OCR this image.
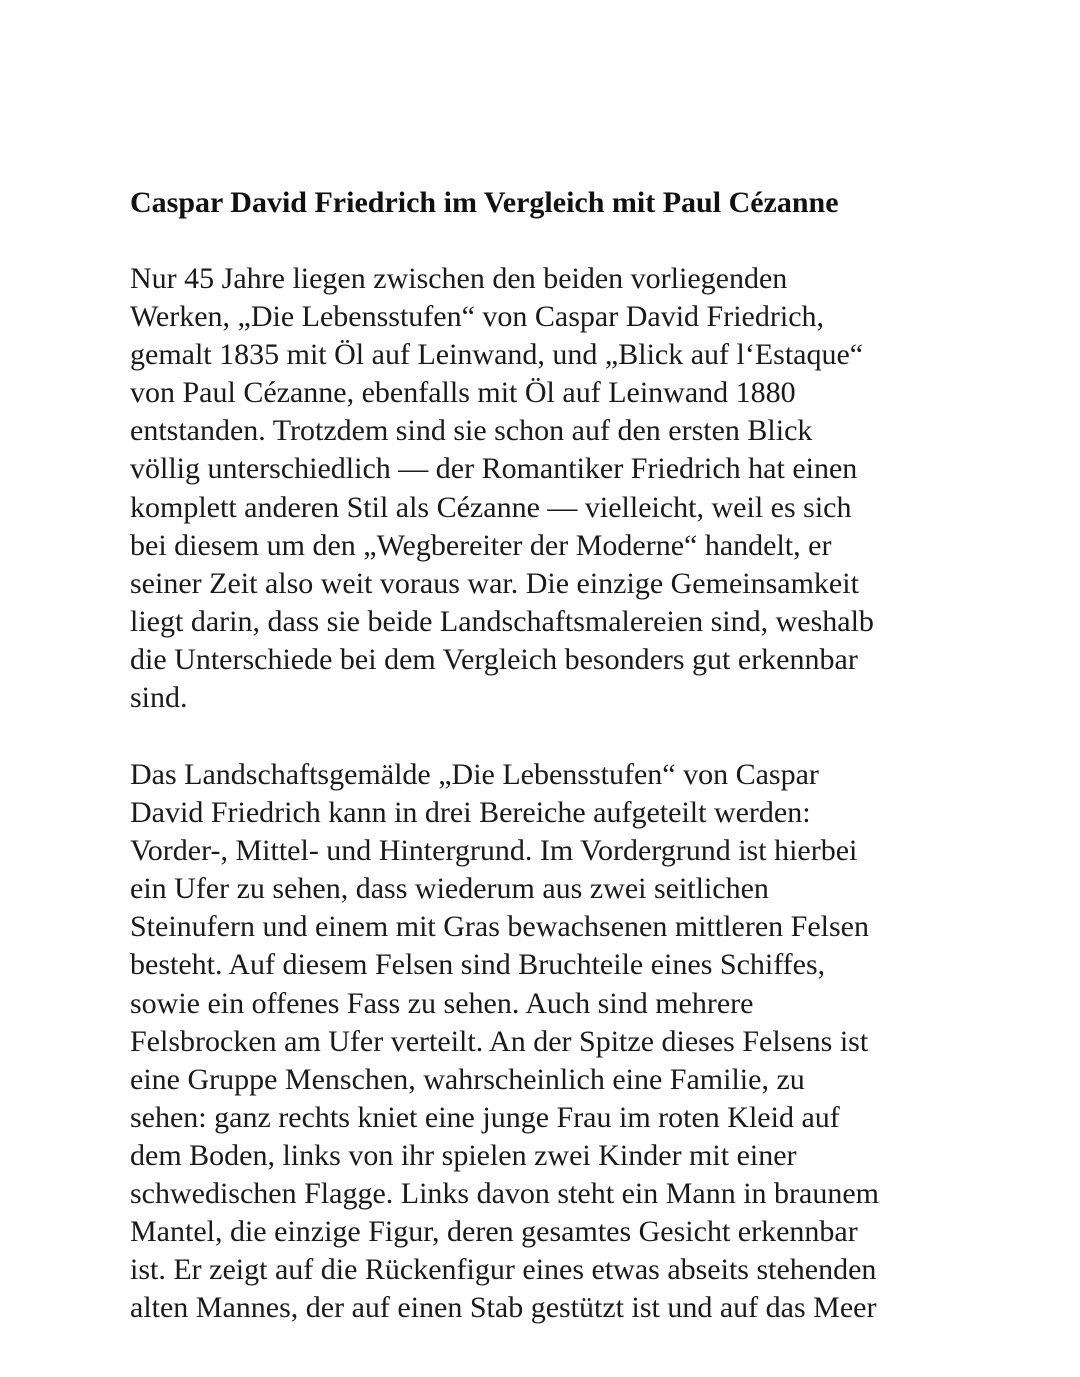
Caspar David Friedrich im Vergleich mit Paul Cézanne

Nur 45 Jahre liegen zwischen den beiden vorliegenden
Werken, „Die Lebensstufen“ von Caspar David Friedrich,
gemalt 1835 mit Öl auf Leinwand, und „Blick auf l‘Estaque“
von Paul Cézanne, ebenfalls mit Öl auf Leinwand 1880
entstanden. Trotzdem sind sie schon auf den ersten Blick
völlig unterschiedlich — der Romantiker Friedrich hat einen
komplett anderen Stil als Cézanne — vielleicht, weil es sich
bei diesem um den „Wegbereiter der Moderne“ handelt, er
seiner Zeit also weit voraus war. Die einzige Gemeinsamkeit
liegt darin, dass sie beide Landschaftsmalereien sind, weshalb
die Unterschiede bei dem Vergleich besonders gut erkennbar
sind.

Das Landschaftsgemälde „Die Lebensstufen“ von Caspar
David Friedrich kann in drei Bereiche aufgeteilt werden:
Vorder-, Mittel- und Hintergrund. Im Vordergrund ist hierbei
ein Ufer zu sehen, dass wiederum aus zwei seitlichen
Steinufern und einem mit Gras bewachsenen mittleren Felsen
besteht. Auf diesem Felsen sind Bruchteile eines Schiffes,
sowie ein offenes Fass zu sehen. Auch sind mehrere
Felsbrocken am Ufer verteilt. An der Spitze dieses Felsens ist
eine Gruppe Menschen, wahrscheinlich eine Familie, zu
sehen: ganz rechts kniet eine junge Frau im roten Kleid auf
dem Boden, links von ihr spielen zwei Kinder mit einer
schwedischen Flagge. Links davon steht ein Mann in braunem
Mantel, die einzige Figur, deren gesamtes Gesicht erkennbar
ist. Er zeigt auf die Rückenfigur eines etwas abseits stehenden
alten Mannes, der auf einen Stab gestützt ist und auf das Meer
